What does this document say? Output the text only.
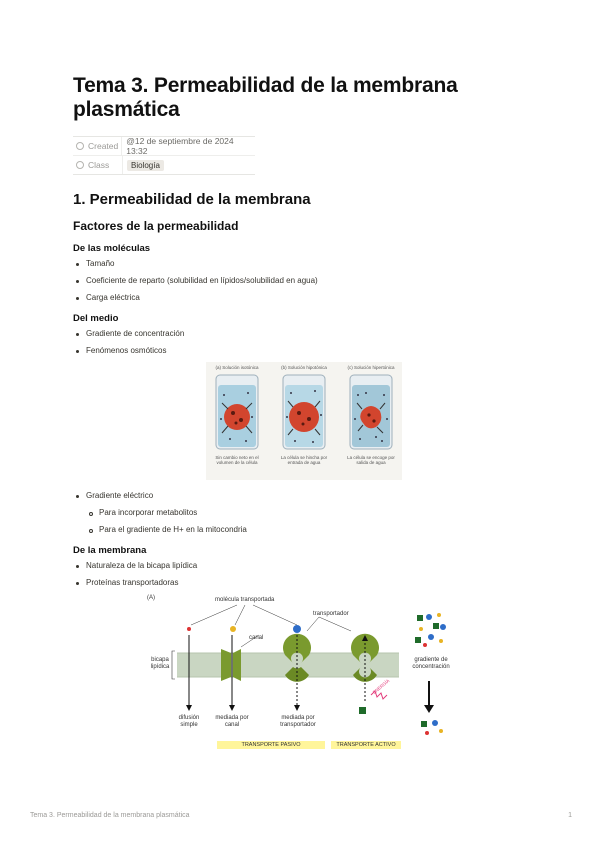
Tema 3. Permeabilidad de la membrana plasmática
Created @12 de septiembre de 2024 13:32
Class	Biología
1. Permeabilidad de la membrana
Factores de la permeabilidad
De las moléculas
Tamaño
Coeficiente de reparto (solubilidad en lípidos/solubilidad en agua)
Carga eléctrica
Del medio
Gradiente de concentración
Fenómenos osmóticos
(a) Solución isotónica
Sin cambio neto en el volumen de la célula
(b) Solución hipotónica
La célula se hincha por entrada de agua
(c) Solución hipertónica
La célula se encoge por salida de agua
Gradiente eléctrico
Para incorporar metabolitos
Para el gradiente de H+ en la mitocondria
De la membrana
Naturaleza de la bicapa lipídica
Proteínas transportadoras
(A)	molécula transportada
canal
transportador
bicapa lipídica
gradiente de concentración
difusión simple
mediada por canal
mediada por transportador
ENERGÍA
TRANSPORTE PASIVO	TRANSPORTE ACTIVO
Tema 3. Permeabilidad de la membrana plasmática	1
